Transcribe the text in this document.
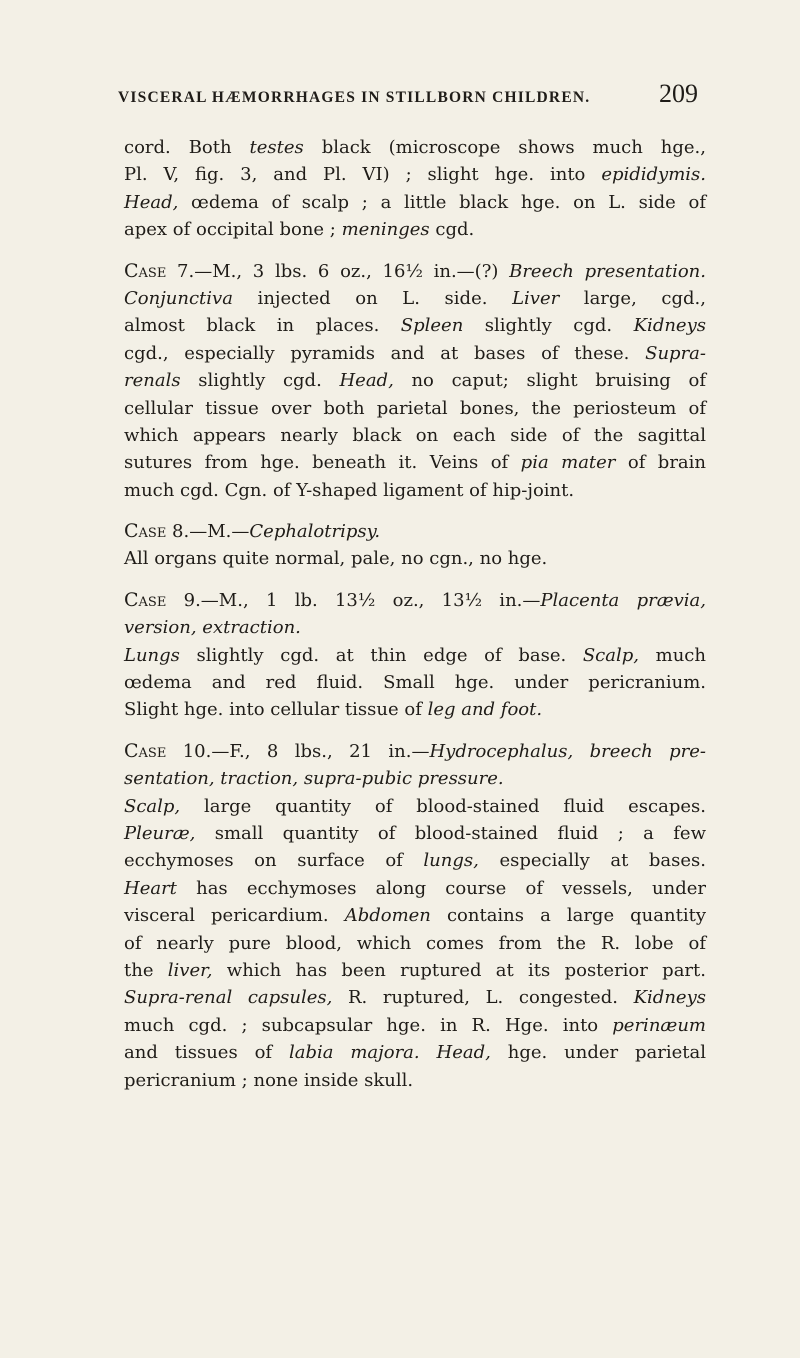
VISCERAL HÆMORRHAGES IN STILLBORN CHILDREN.	209
cord. Both testes black (microscope shows much hge.,
Pl. V, fig. 3, and Pl. VI) ; slight hge. into epididymis.
Head, œdema of scalp ; a little black hge. on L. side of
apex of occipital bone ; meninges cgd.
Case 7.—M., 3 lbs. 6 oz., 16½ in.—(?) Breech presentation.
Conjunctiva injected on L. side. Liver large, cgd.,
almost black in places. Spleen slightly cgd. Kidneys
cgd., especially pyramids and at bases of these. Supra-
renals slightly cgd. Head, no caput; slight bruising of
cellular tissue over both parietal bones, the periosteum of
which appears nearly black on each side of the sagittal
sutures from hge. beneath it. Veins of pia mater of brain
much cgd. Cgn. of Y-shaped ligament of hip-joint.
Case 8.—M.—Cephalotripsy.
All organs quite normal, pale, no cgn., no hge.
Case 9.—M., 1 lb. 13½ oz., 13½ in.—Placenta prævia,
version, extraction.
Lungs slightly cgd. at thin edge of base. Scalp, much
œdema and red fluid. Small hge. under pericranium.
Slight hge. into cellular tissue of leg and foot.
Case 10.—F., 8 lbs., 21 in.—Hydrocephalus, breech pre-
sentation, traction, supra-pubic pressure.
Scalp, large quantity of blood-stained fluid escapes.
Pleuræ, small quantity of blood-stained fluid ; a few
ecchymoses on surface of lungs, especially at bases.
Heart has ecchymoses along course of vessels, under
visceral pericardium. Abdomen contains a large quantity
of nearly pure blood, which comes from the R. lobe of
the liver, which has been ruptured at its posterior part.
Supra-renal capsules, R. ruptured, L. congested. Kidneys
much cgd. ; subcapsular hge. in R. Hge. into perinæum
and tissues of labia majora. Head, hge. under parietal
pericranium ; none inside skull.
